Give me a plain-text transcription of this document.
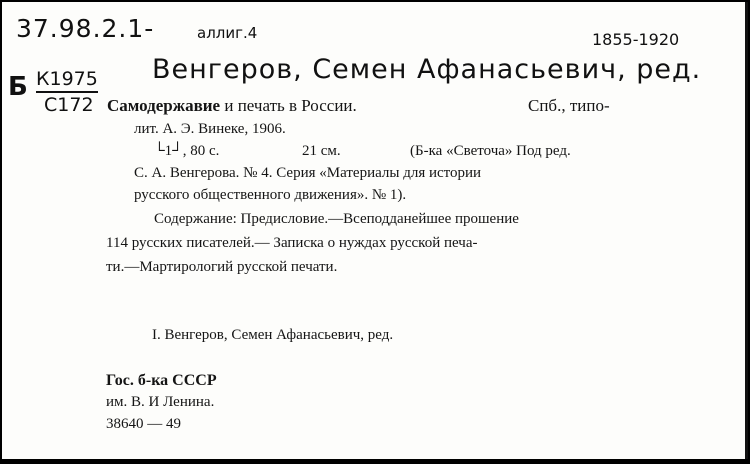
37.98.2.1-	аллиг.4	1855-1920
Б К1975
С172
Венгеров, Семен Афанасьевич, ред.
Самодержавие и печать в России.	Спб., типо-
лит. А. Э. Винеке, 1906.
└1┘, 80 с.	21 см.	(Б-ка «Светоча» Под ред.
С. А. Венгерова. № 4. Серия «Материалы для истории
русского общественного движения». № 1).
Содержание: Предисловие.—Всеподданейшее прошение
114 русских писателей.— Записка о нуждах русской печа-
ти.—Мартирологий русской печати.
I. Венгеров, Семен Афанасьевич, ред.
Гос. б-ка СССР
им. В. И Ленина.
38640 — 49
